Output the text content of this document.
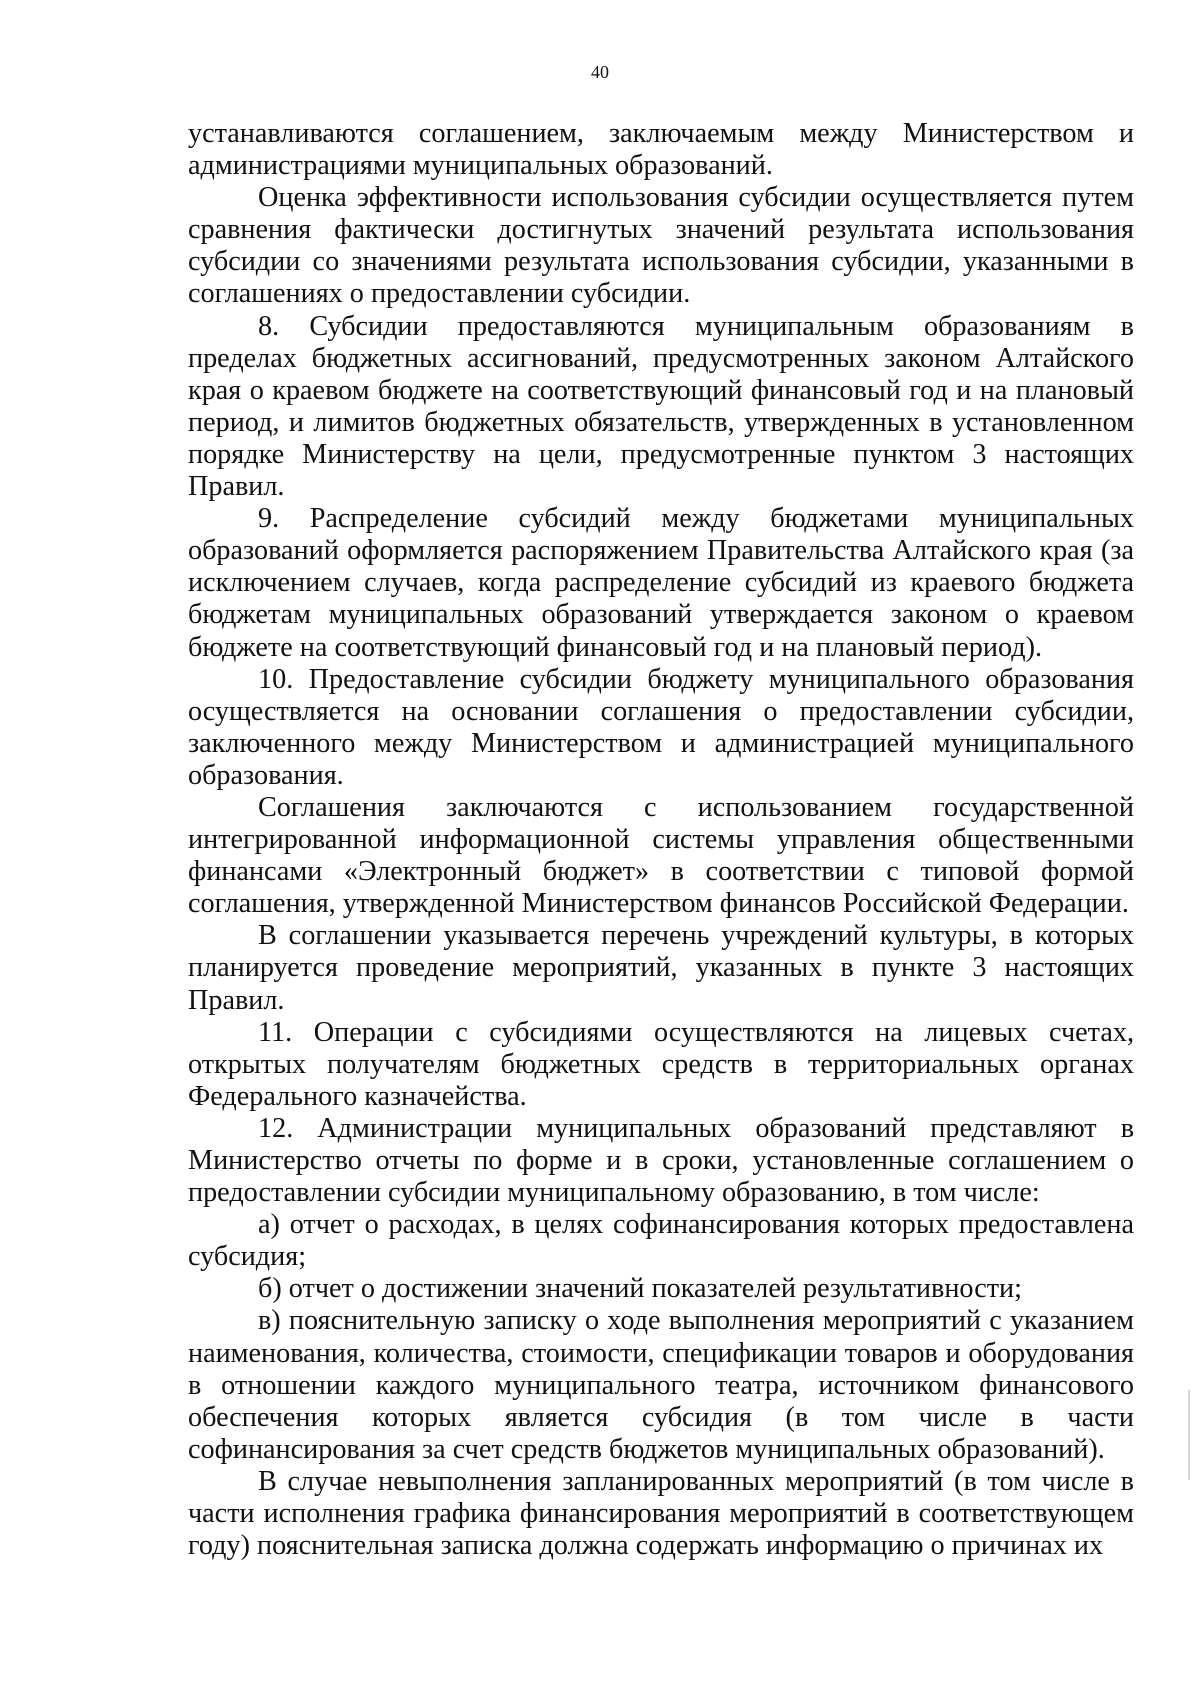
40

устанавливаются соглашением, заключаемым между Министерством и администрациями муниципальных образований.

Оценка эффективности использования субсидии осуществляется путем сравнения фактически достигнутых значений результата использования субсидии со значениями результата использования субсидии, указанными в соглашениях о предоставлении субсидии.

8. Субсидии предоставляются муниципальным образованиям в пределах бюджетных ассигнований, предусмотренных законом Алтайского края о краевом бюджете на соответствующий финансовый год и на плановый период, и лимитов бюджетных обязательств, утвержденных в установленном порядке Министерству на цели, предусмотренные пунктом 3 настоящих Правил.

9. Распределение субсидий между бюджетами муниципальных образований оформляется распоряжением Правительства Алтайского края (за исключением случаев, когда распределение субсидий из краевого бюджета бюджетам муниципальных образований утверждается законом о краевом бюджете на соответствующий финансовый год и на плановый период).

10. Предоставление субсидии бюджету муниципального образования осуществляется на основании соглашения о предоставлении субсидии, заключенного между Министерством и администрацией муниципального образования.

Соглашения заключаются с использованием государственной интегрированной информационной системы управления общественными финансами «Электронный бюджет» в соответствии с типовой формой соглашения, утвержденной Министерством финансов Российской Федерации.

В соглашении указывается перечень учреждений культуры, в которых планируется проведение мероприятий, указанных в пункте 3 настоящих Правил.

11. Операции с субсидиями осуществляются на лицевых счетах, открытых получателям бюджетных средств в территориальных органах Федерального казначейства.

12. Администрации муниципальных образований представляют в Министерство отчеты по форме и в сроки, установленные соглашением о предоставлении субсидии муниципальному образованию, в том числе:

а) отчет о расходах, в целях софинансирования которых предоставлена субсидия;

б) отчет о достижении значений показателей результативности;

в) пояснительную записку о ходе выполнения мероприятий с указанием наименования, количества, стоимости, спецификации товаров и оборудования в отношении каждого муниципального театра, источником финансового обеспечения которых является субсидия (в том числе в части софинансирования за счет средств бюджетов муниципальных образований).

В случае невыполнения запланированных мероприятий (в том числе в части исполнения графика финансирования мероприятий в соответствующем году) пояснительная записка должна содержать информацию о причинах их
